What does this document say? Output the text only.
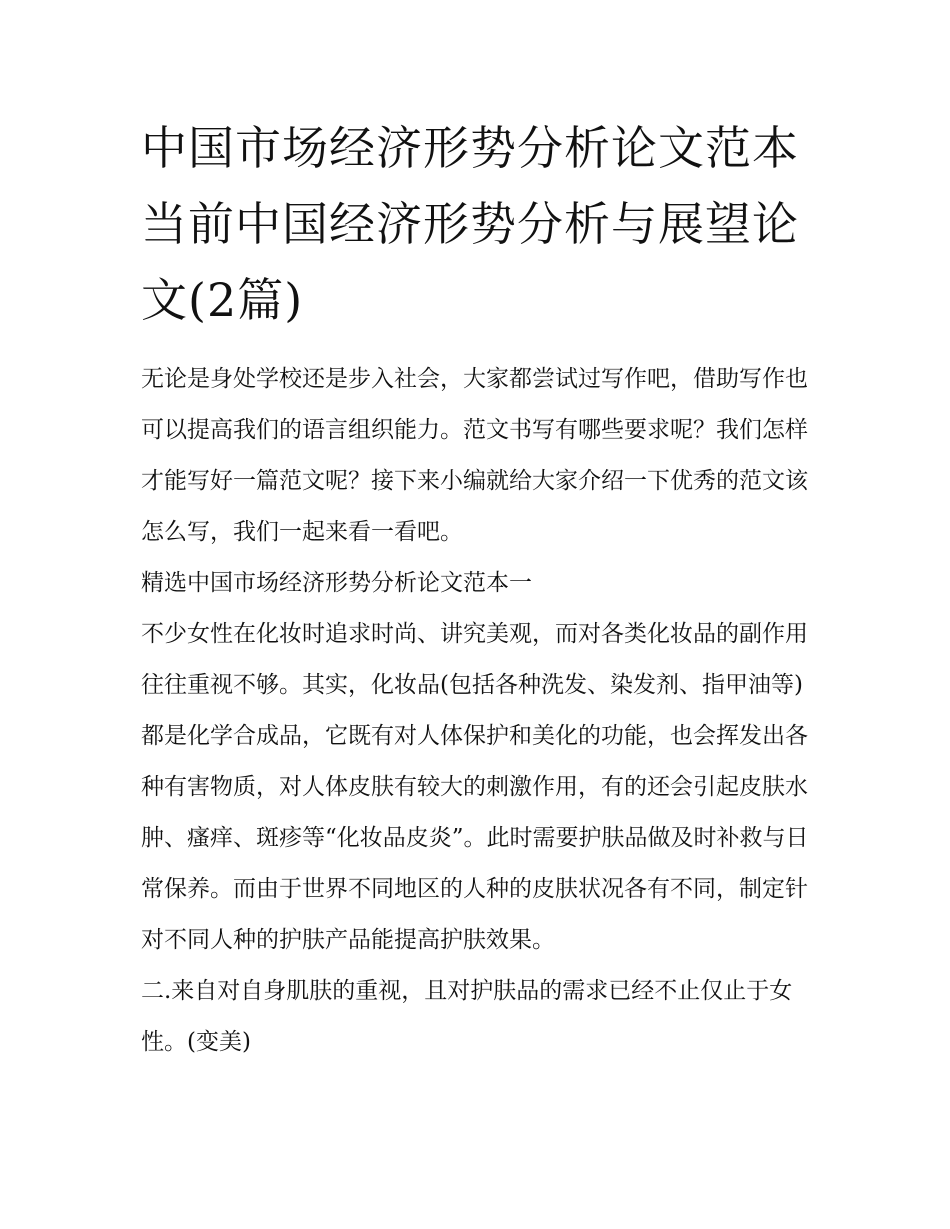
中国市场经济形势分析论文范本 当前中国经济形势分析与展望论文(2篇)

无论是身处学校还是步入社会，大家都尝试过写作吧，借助写作也可以提高我们的语言组织能力。范文书写有哪些要求呢？我们怎样才能写好一篇范文呢？接下来小编就给大家介绍一下优秀的范文该怎么写，我们一起来看一看吧。

精选中国市场经济形势分析论文范本一

不少女性在化妆时追求时尚、讲究美观，而对各类化妆品的副作用往往重视不够。其实，化妆品(包括各种洗发、染发剂、指甲油等)都是化学合成品，它既有对人体保护和美化的功能，也会挥发出各种有害物质，对人体皮肤有较大的刺激作用，有的还会引起皮肤水肿、瘙痒、斑疹等“化妆品皮炎”。此时需要护肤品做及时补救与日常保养。而由于世界不同地区的人种的皮肤状况各有不同，制定针对不同人种的护肤产品能提高护肤效果。

二.来自对自身肌肤的重视，且对护肤品的需求已经不止仅止于女性。(变美)
